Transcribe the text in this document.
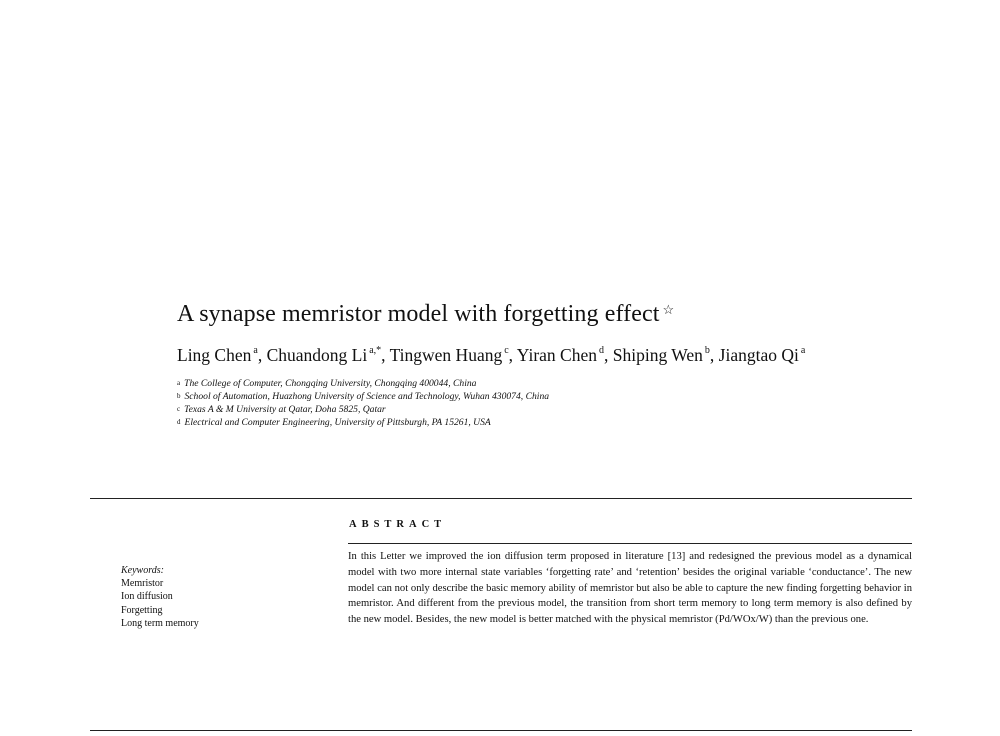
A synapse memristor model with forgetting effect ☆
Ling Chen $^a$, Chuandong Li $^{a,*}$, Tingwen Huang $^c$, Yiran Chen $^d$, Shiping Wen $^b$, Jiangtao Qi $^a$
$^a$ The College of Computer, Chongqing University, Chongqing 400044, China
$^b$ School of Automation, Huazhong University of Science and Technology, Wuhan 430074, China
$^c$ Texas A & M University at Qatar, Doha 5825, Qatar
$^d$ Electrical and Computer Engineering, University of Pittsburgh, PA 15261, USA
ABSTRACT
Keywords:
Memristor
Ion diffusion
Forgetting
Long term memory
In this Letter we improved the ion diffusion term proposed in literature [13] and redesigned the previous model as a dynamical model with two more internal state variables ‘forgetting rate’ and ‘retention’ besides the original variable ‘conductance’. The new model can not only describe the basic memory ability of memristor but also be able to capture the new finding forgetting behavior in memristor. And different from the previous model, the transition from short term memory to long term memory is also defined by the new model. Besides, the new model is better matched with the physical memristor (Pd/WOx/W) than the previous one.
